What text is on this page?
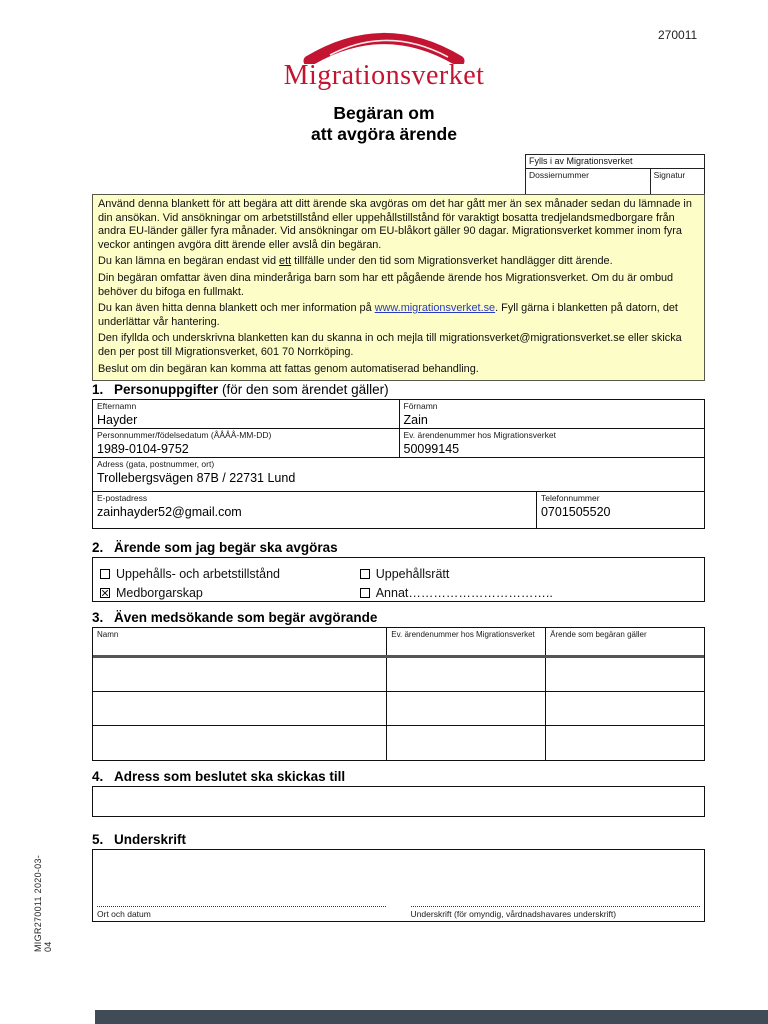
270011
Migrationsverket
Begäran om
att avgöra ärende
Fylls i av Migrationsverket
Dossiernummer	Signatur

Använd denna blankett för att begära att ditt ärende ska avgöras om det har gått mer än sex månader sedan du lämnade in din ansökan. Vid ansökningar om arbetstillstånd eller uppehållstillstånd för varaktigt bosatta tredjelandsmedborgare från andra EU-länder gäller fyra månader. Vid ansökningar om EU-blåkort gäller 90 dagar. Migrationsverket kommer inom fyra veckor antingen avgöra ditt ärende eller avslå din begäran.

Du kan lämna en begäran endast vid ett tillfälle under den tid som Migrationsverket handlägger ditt ärende.

Din begäran omfattar även dina minderåriga barn som har ett pågående ärende hos Migrationsverket. Om du är ombud behöver du bifoga en fullmakt.

Du kan även hitta denna blankett och mer information på www.migrationsverket.se. Fyll gärna i blanketten på datorn, det underlättar vår hantering.

Den ifyllda och underskrivna blanketten kan du skanna in och mejla till migrationsverket@migrationsverket.se eller skicka den per post till Migrationsverket, 601 70 Norrköping.

Beslut om din begäran kan komma att fattas genom automatiserad behandling.

1. Personuppgifter (för den som ärendet gäller)
Efternamn
Hayder
Förnamn
Zain
Personnummer/födelsedatum (ÅÅÅÅ-MM-DD)
1989-0104-9752
Ev. ärendenummer hos Migrationsverket
50099145
Adress (gata, postnummer, ort)
Trollebergsvägen 87B / 22731 Lund
E-postadress
zainhayder52@gmail.com
Telefonnummer
0701505520
2. Ärende som jag begär ska avgöras
Uppehålls- och arbetstillstånd	Uppehållsrätt
Medborgarskap	Annat……………………………..
3. Även medsökande som begär avgörande
Namn	Ev. ärendenummer hos Migrationsverket	Ärende som begäran gäller
4. Adress som beslutet ska skickas till
5. Underskrift
Ort och datum	Underskrift (för omyndig, vårdnadshavares underskrift)
MIGR270011 2020-03-04
